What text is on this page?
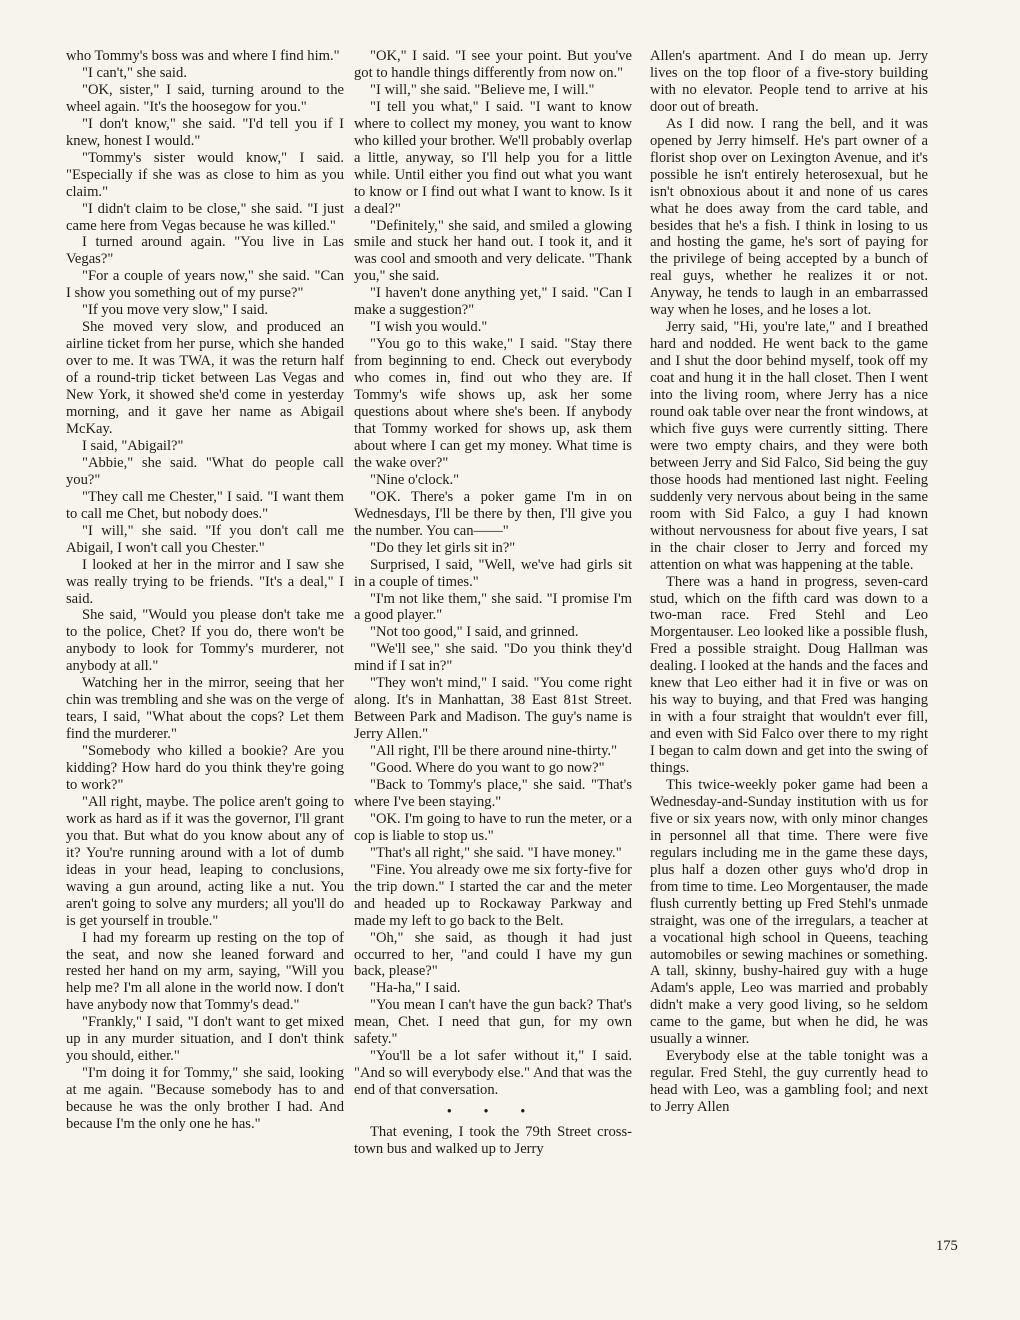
who Tommy's boss was and where I find him."

"I can't," she said.

"OK, sister," I said, turning around to the wheel again. "It's the hoosegow for you."

"I don't know," she said. "I'd tell you if I knew, honest I would."

"Tommy's sister would know," I said. "Especially if she was as close to him as you claim."

"I didn't claim to be close," she said. "I just came here from Vegas because he was killed."

I turned around again. "You live in Las Vegas?"

"For a couple of years now," she said. "Can I show you something out of my purse?"

"If you move very slow," I said.

She moved very slow, and produced an airline ticket from her purse, which she handed over to me. It was TWA, it was the return half of a round-trip ticket between Las Vegas and New York, it showed she'd come in yesterday morning, and it gave her name as Abigail McKay.

I said, "Abigail?"

"Abbie," she said. "What do people call you?"

"They call me Chester," I said. "I want them to call me Chet, but nobody does."

"I will," she said. "If you don't call me Abigail, I won't call you Chester."

I looked at her in the mirror and I saw she was really trying to be friends. "It's a deal," I said.

She said, "Would you please don't take me to the police, Chet? If you do, there won't be anybody to look for Tommy's murderer, not anybody at all."

Watching her in the mirror, seeing that her chin was trembling and she was on the verge of tears, I said, "What about the cops? Let them find the murderer."

"Somebody who killed a bookie? Are you kidding? How hard do you think they're going to work?"

"All right, maybe. The police aren't going to work as hard as if it was the governor, I'll grant you that. But what do you know about any of it? You're running around with a lot of dumb ideas in your head, leaping to conclusions, waving a gun around, acting like a nut. You aren't going to solve any murders; all you'll do is get yourself in trouble."

I had my forearm up resting on the top of the seat, and now she leaned forward and rested her hand on my arm, saying, "Will you help me? I'm all alone in the world now. I don't have anybody now that Tommy's dead."

"Frankly," I said, "I don't want to get mixed up in any murder situation, and I don't think you should, either."

"I'm doing it for Tommy," she said, looking at me again. "Because somebody has to and because he was the only brother I had. And because I'm the only one he has."

"OK," I said. "I see your point. But you've got to handle things differently from now on."

"I will," she said. "Believe me, I will."

"I tell you what," I said. "I want to know where to collect my money, you want to know who killed your brother. We'll probably overlap a little, anyway, so I'll help you for a little while. Until either you find out what you want to know or I find out what I want to know. Is it a deal?"

"Definitely," she said, and smiled a glowing smile and stuck her hand out. I took it, and it was cool and smooth and very delicate. "Thank you," she said.

"I haven't done anything yet," I said. "Can I make a suggestion?"

"I wish you would."

"You go to this wake," I said. "Stay there from beginning to end. Check out everybody who comes in, find out who they are. If Tommy's wife shows up, ask her some questions about where she's been. If anybody that Tommy worked for shows up, ask them about where I can get my money. What time is the wake over?"

"Nine o'clock."

"OK. There's a poker game I'm in on Wednesdays, I'll be there by then, I'll give you the number. You can——"

"Do they let girls sit in?"

Surprised, I said, "Well, we've had girls sit in a couple of times."

"I'm not like them," she said. "I promise I'm a good player."

"Not too good," I said, and grinned.

"We'll see," she said. "Do you think they'd mind if I sat in?"

"They won't mind," I said. "You come right along. It's in Manhattan, 38 East 81st Street. Between Park and Madison. The guy's name is Jerry Allen."

"All right, I'll be there around nine-thirty."

"Good. Where do you want to go now?"

"Back to Tommy's place," she said. "That's where I've been staying."

"OK. I'm going to have to run the meter, or a cop is liable to stop us."

"That's all right," she said. "I have money."

"Fine. You already owe me six forty-five for the trip down." I started the car and the meter and headed up to Rockaway Parkway and made my left to go back to the Belt.

"Oh," she said, as though it had just occurred to her, "and could I have my gun back, please?"

"Ha-ha," I said.

"You mean I can't have the gun back? That's mean, Chet. I need that gun, for my own safety."

"You'll be a lot safer without it," I said. "And so will everybody else." And that was the end of that conversation.

• • •

That evening, I took the 79th Street cross-town bus and walked up to Jerry

Allen's apartment. And I do mean up. Jerry lives on the top floor of a five-story building with no elevator. People tend to arrive at his door out of breath.

As I did now. I rang the bell, and it was opened by Jerry himself. He's part owner of a florist shop over on Lexington Avenue, and it's possible he isn't entirely heterosexual, but he isn't obnoxious about it and none of us cares what he does away from the card table, and besides that he's a fish. I think in losing to us and hosting the game, he's sort of paying for the privilege of being accepted by a bunch of real guys, whether he realizes it or not. Anyway, he tends to laugh in an embarrassed way when he loses, and he loses a lot.

Jerry said, "Hi, you're late," and I breathed hard and nodded. He went back to the game and I shut the door behind myself, took off my coat and hung it in the hall closet. Then I went into the living room, where Jerry has a nice round oak table over near the front windows, at which five guys were currently sitting. There were two empty chairs, and they were both between Jerry and Sid Falco, Sid being the guy those hoods had mentioned last night. Feeling suddenly very nervous about being in the same room with Sid Falco, a guy I had known without nervousness for about five years, I sat in the chair closer to Jerry and forced my attention on what was happening at the table.

There was a hand in progress, seven-card stud, which on the fifth card was down to a two-man race. Fred Stehl and Leo Morgentauser. Leo looked like a possible flush, Fred a possible straight. Doug Hallman was dealing. I looked at the hands and the faces and knew that Leo either had it in five or was on his way to buying, and that Fred was hanging in with a four straight that wouldn't ever fill, and even with Sid Falco over there to my right I began to calm down and get into the swing of things.

This twice-weekly poker game had been a Wednesday-and-Sunday institution with us for five or six years now, with only minor changes in personnel all that time. There were five regulars including me in the game these days, plus half a dozen other guys who'd drop in from time to time. Leo Morgentauser, the made flush currently betting up Fred Stehl's unmade straight, was one of the irregulars, a teacher at a vocational high school in Queens, teaching automobiles or sewing machines or something. A tall, skinny, bushy-haired guy with a huge Adam's apple, Leo was married and probably didn't make a very good living, so he seldom came to the game, but when he did, he was usually a winner.

Everybody else at the table tonight was a regular. Fred Stehl, the guy currently head to head with Leo, was a gambling fool; and next to Jerry Allen

175
